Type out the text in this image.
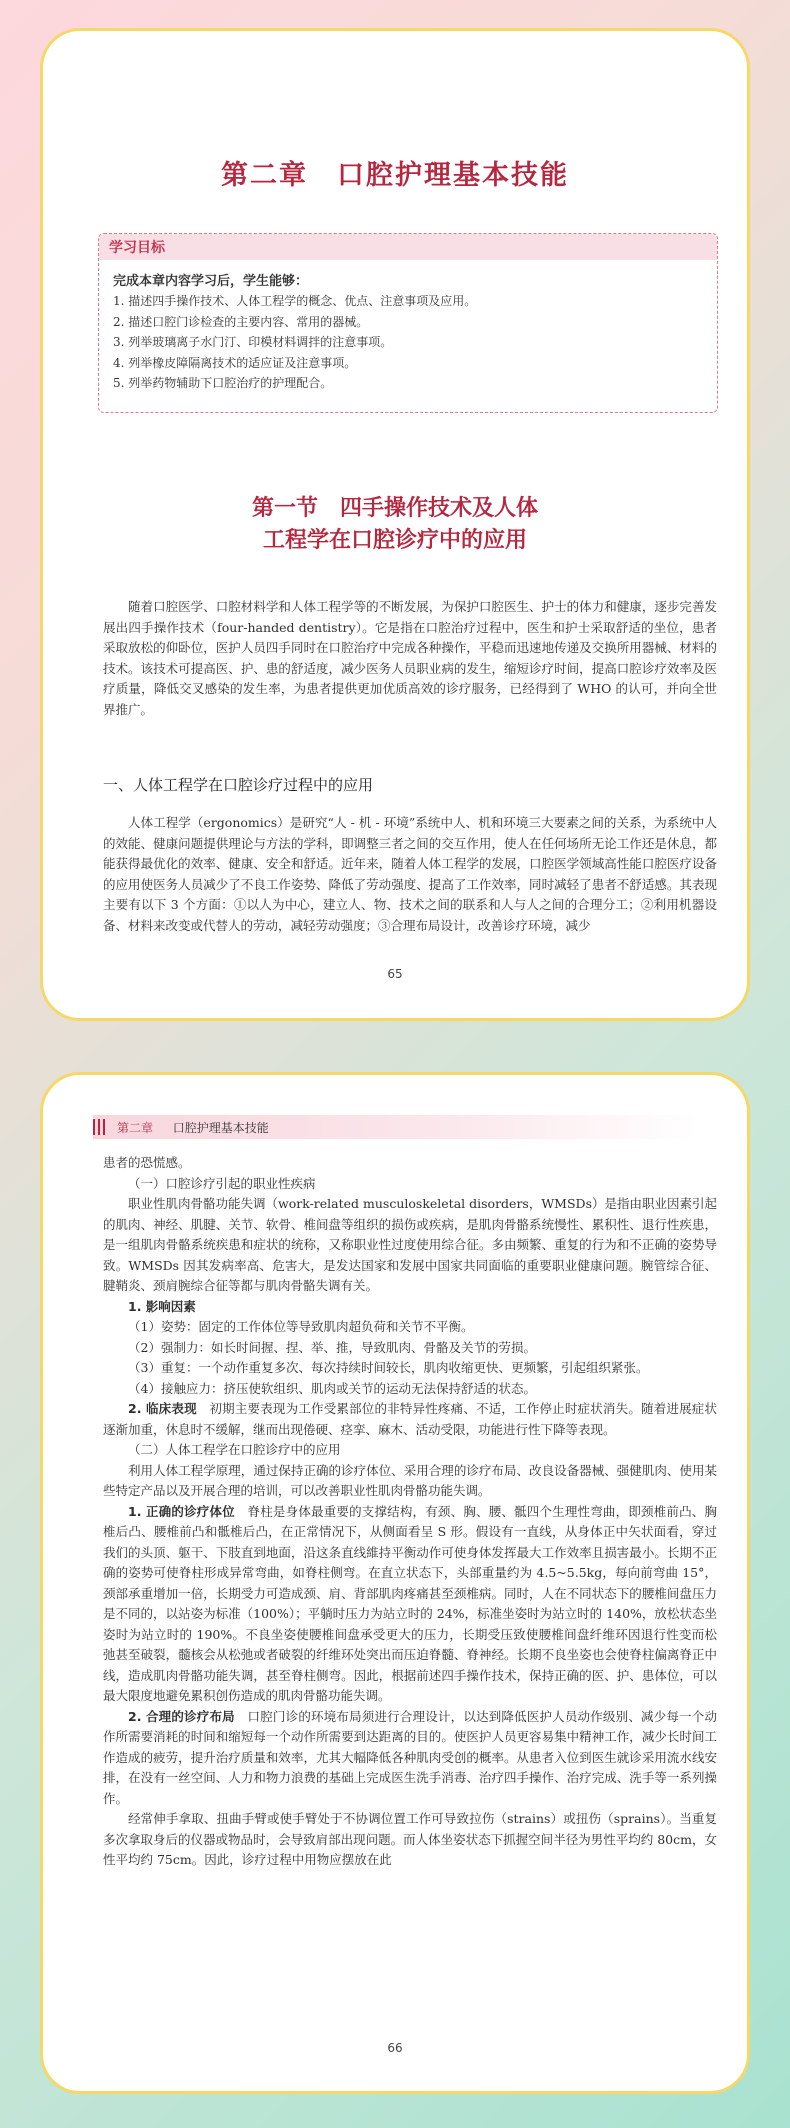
第二章　口腔护理基本技能
学习目标
完成本章内容学习后，学生能够：
1. 描述四手操作技术、人体工程学的概念、优点、注意事项及应用。
2. 描述口腔门诊检查的主要内容、常用的器械。
3. 列举玻璃离子水门汀、印模材料调拌的注意事项。
4. 列举橡皮障隔离技术的适应证及注意事项。
5. 列举药物辅助下口腔治疗的护理配合。
第一节　四手操作技术及人体
工程学在口腔诊疗中的应用

随着口腔医学、口腔材料学和人体工程学等的不断发展，为保护口腔医生、护士的体力和健康，逐步完善发展出四手操作技术（four-handed dentistry）。它是指在口腔治疗过程中，医生和护士采取舒适的坐位，患者采取放松的仰卧位，医护人员四手同时在口腔治疗中完成各种操作，平稳而迅速地传递及交换所用器械、材料的技术。该技术可提高医、护、患的舒适度，减少医务人员职业病的发生，缩短诊疗时间，提高口腔诊疗效率及医疗质量，降低交叉感染的发生率，为患者提供更加优质高效的诊疗服务，已经得到了 WHO 的认可，并向全世界推广。

一、人体工程学在口腔诊疗过程中的应用

人体工程学（ergonomics）是研究“人 - 机 - 环境”系统中人、机和环境三大要素之间的关系，为系统中人的效能、健康问题提供理论与方法的学科，即调整三者之间的交互作用，使人在任何场所无论工作还是休息，都能获得最优化的效率、健康、安全和舒适。近年来，随着人体工程学的发展，口腔医学领域高性能口腔医疗设备的应用使医务人员减少了不良工作姿势、降低了劳动强度、提高了工作效率，同时减轻了患者不舒适感。其表现主要有以下 3 个方面：①以人为中心，建立人、物、技术之间的联系和人与人之间的合理分工；②利用机器设备、材料来改变或代替人的劳动，减轻劳动强度；③合理布局设计，改善诊疗环境，减少

65
第二章 　 口腔护理基本技能

患者的恐慌感。

（一）口腔诊疗引起的职业性疾病

职业性肌肉骨骼功能失调（work-related musculoskeletal disorders，WMSDs）是指由职业因素引起的肌肉、神经、肌腱、关节、软骨、椎间盘等组织的损伤或疾病，是肌肉骨骼系统慢性、累积性、退行性疾患，是一组肌肉骨骼系统疾患和症状的统称，又称职业性过度使用综合征。多由频繁、重复的行为和不正确的姿势导致。WMSDs 因其发病率高、危害大，是发达国家和发展中国家共同面临的重要职业健康问题。腕管综合征、腱鞘炎、颈肩腕综合征等都与肌肉骨骼失调有关。

1. 影响因素

（1）姿势：固定的工作体位等导致肌肉超负荷和关节不平衡。

（2）强制力：如长时间握、捏、举、推，导致肌肉、骨骼及关节的劳损。

（3）重复：一个动作重复多次、每次持续时间较长，肌肉收缩更快、更频繁，引起组织紧张。

（4）接触应力：挤压使软组织、肌肉或关节的运动无法保持舒适的状态。

2. 临床表现　 初期主要表现为工作受累部位的非特异性疼痛、不适，工作停止时症状消失。随着进展症状逐渐加重，休息时不缓解，继而出现倦硬、痉挛、麻木、活动受限，功能进行性下降等表现。

（二）人体工程学在口腔诊疗中的应用

利用人体工程学原理，通过保持正确的诊疗体位、采用合理的诊疗布局、改良设备器械、强健肌肉、使用某些特定产品以及开展合理的培训，可以改善职业性肌肉骨骼功能失调。

1. 正确的诊疗体位　 脊柱是身体最重要的支撑结构，有颈、胸、腰、骶四个生理性弯曲，即颈椎前凸、胸椎后凸、腰椎前凸和骶椎后凸，在正常情况下，从侧面看呈 S 形。假设有一直线，从身体正中矢状面看，穿过我们的头顶、躯干、下肢直到地面，沿这条直线維持平衡动作可使身体发挥最大工作效率且损害最小。长期不正确的姿势可使脊柱形成异常弯曲，如脊柱侧弯。在直立状态下，头部重量约为 4.5~5.5kg，每向前弯曲 15°，颈部承重增加一倍，长期受力可造成颈、肩、背部肌肉疼痛甚至颈椎病。同时，人在不同状态下的腰椎间盘压力是不同的，以站姿为标准（100%）；平躺时压力为站立时的 24%，标准坐姿时为站立时的 140%，放松状态坐姿时为站立时的 190%。不良坐姿使腰椎间盘承受更大的压力，长期受压致使腰椎间盘纤维环因退行性变而松弛甚至破裂，髓核会从松弛或者破裂的纤维环处突出而压迫脊髓、脊神经。长期不良坐姿也会使脊柱偏离脊正中线，造成肌肉骨骼功能失调，甚至脊柱侧弯。因此，根据前述四手操作技术，保持正确的医、护、患体位，可以最大限度地避免累积创伤造成的肌肉骨骼功能失调。

2. 合理的诊疗布局　 口腔门诊的环境布局须进行合理设计，以达到降低医护人员动作级别、减少每一个动作所需要消耗的时间和缩短每一个动作所需要到达距离的目的。使医护人员更容易集中精神工作，减少长时间工作造成的疲劳，提升治疗质量和效率，尤其大幅降低各种肌肉受创的概率。从患者入位到医生就诊采用流水线安排，在没有一丝空间、人力和物力浪费的基础上完成医生洗手消毒、治疗四手操作、治疗完成、洗手等一系列操作。

经常伸手拿取、扭曲手臂或使手臂处于不协调位置工作可导致拉伤（strains）或扭伤（sprains）。当重复多次拿取身后的仪器或物品时，会导致肩部出现问题。而人体坐姿状态下抓握空间半径为男性平均约 80cm，女性平均约 75cm。因此，诊疗过程中用物应摆放在此

66
